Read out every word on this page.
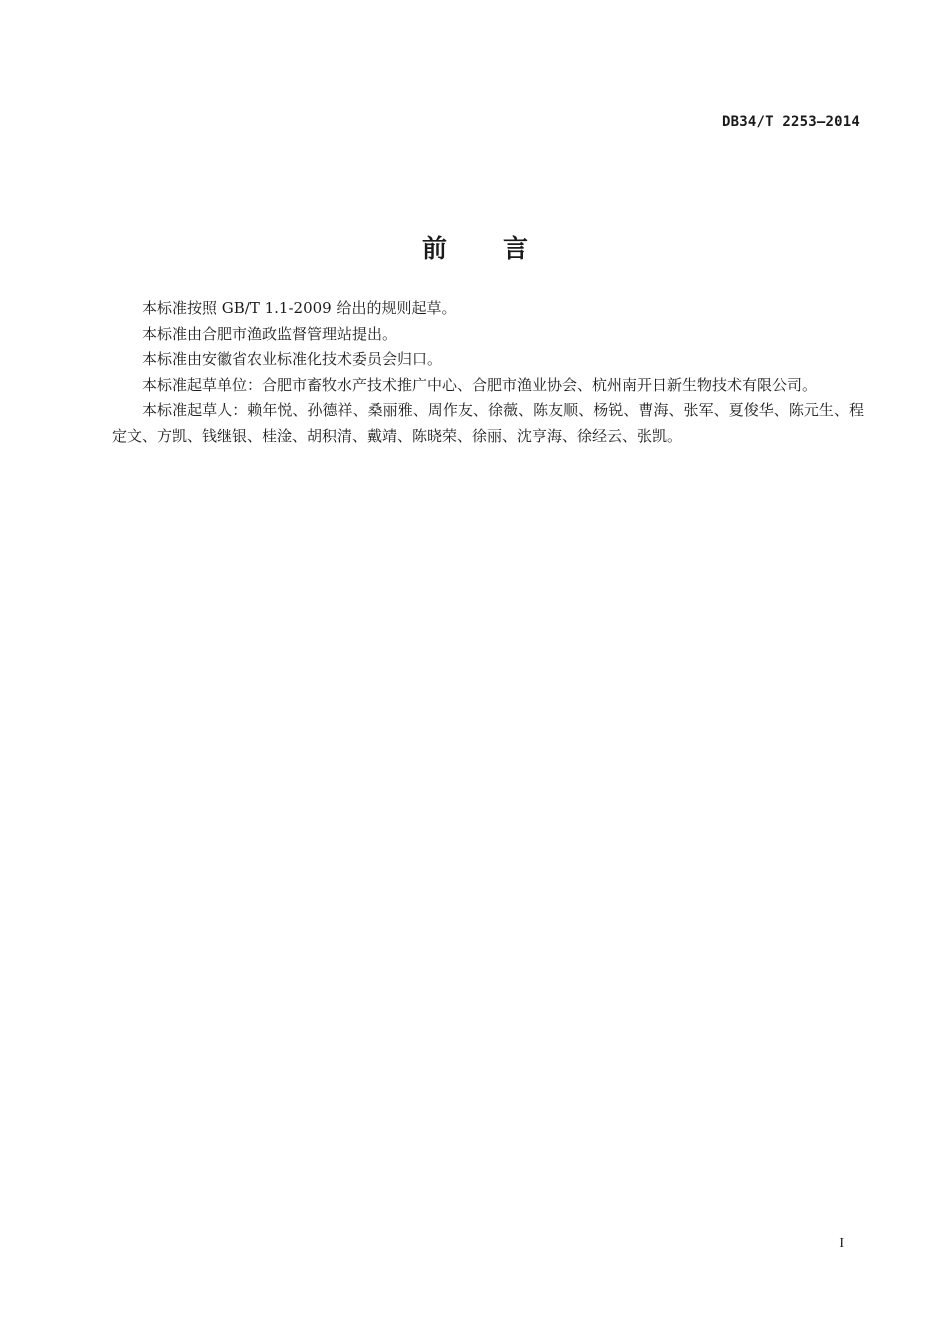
DB34/T 2253—2014
前言

本标准按照 GB/T 1.1-2009 给出的规则起草。

本标准由合肥市渔政监督管理站提出。

本标准由安徽省农业标准化技术委员会归口。

本标准起草单位：合肥市畜牧水产技术推广中心、合肥市渔业协会、杭州南开日新生物技术有限公司。

本标准起草人：赖年悦、孙德祥、桑丽雅、周作友、徐薇、陈友顺、杨锐、曹海、张军、夏俊华、陈元生、程定文、方凯、钱继银、桂淦、胡积清、戴靖、陈晓荣、徐丽、沈亨海、徐经云、张凯。

I
